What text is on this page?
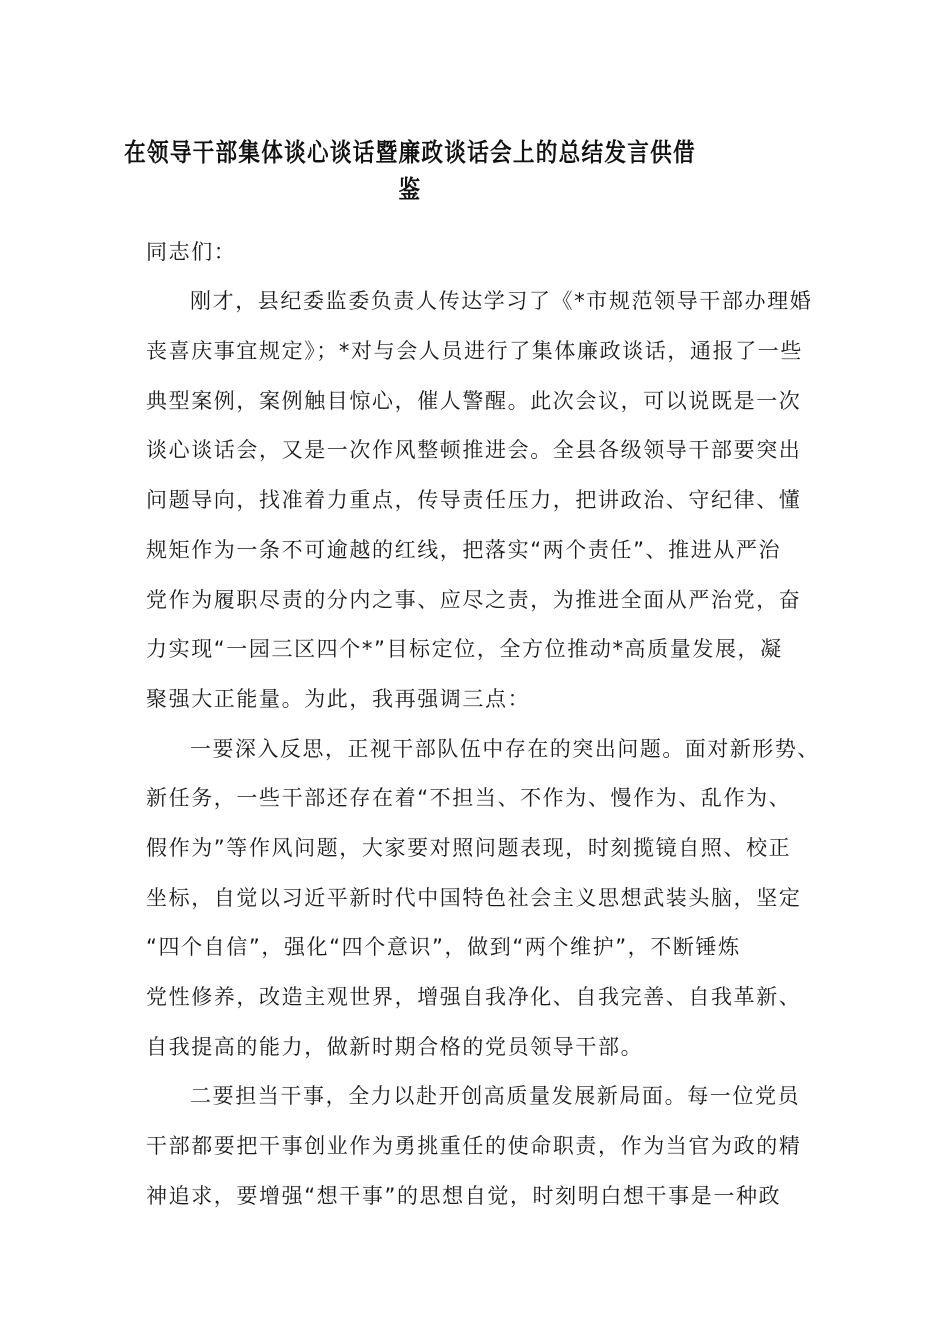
在领导干部集体谈心谈话暨廉政谈话会上的总结发言供借
鉴
同志们：
刚才，县纪委监委负责人传达学习了《*市规范领导干部办理婚
丧喜庆事宜规定》；*对与会人员进行了集体廉政谈话，通报了一些
典型案例，案例触目惊心，催人警醒。此次会议，可以说既是一次
谈心谈话会，又是一次作风整顿推进会。全县各级领导干部要突出
问题导向，找准着力重点，传导责任压力，把讲政治、守纪律、懂
规矩作为一条不可逾越的红线，把落实“两个责任”、推进从严治
党作为履职尽责的分内之事、应尽之责，为推进全面从严治党，奋
力实现“一园三区四个*”目标定位，全方位推动*高质量发展，凝
聚强大正能量。为此，我再强调三点：
一要深入反思，正视干部队伍中存在的突出问题。面对新形势、
新任务，一些干部还存在着“不担当、不作为、慢作为、乱作为、
假作为”等作风问题，大家要对照问题表现，时刻揽镜自照、校正
坐标，自觉以习近平新时代中国特色社会主义思想武装头脑，坚定
“四个自信”，强化“四个意识”，做到“两个维护”，不断锤炼
党性修养，改造主观世界，增强自我净化、自我完善、自我革新、
自我提高的能力，做新时期合格的党员领导干部。
二要担当干事，全力以赴开创高质量发展新局面。每一位党员
干部都要把干事创业作为勇挑重任的使命职责，作为当官为政的精
神追求，要增强“想干事”的思想自觉，时刻明白想干事是一种政
